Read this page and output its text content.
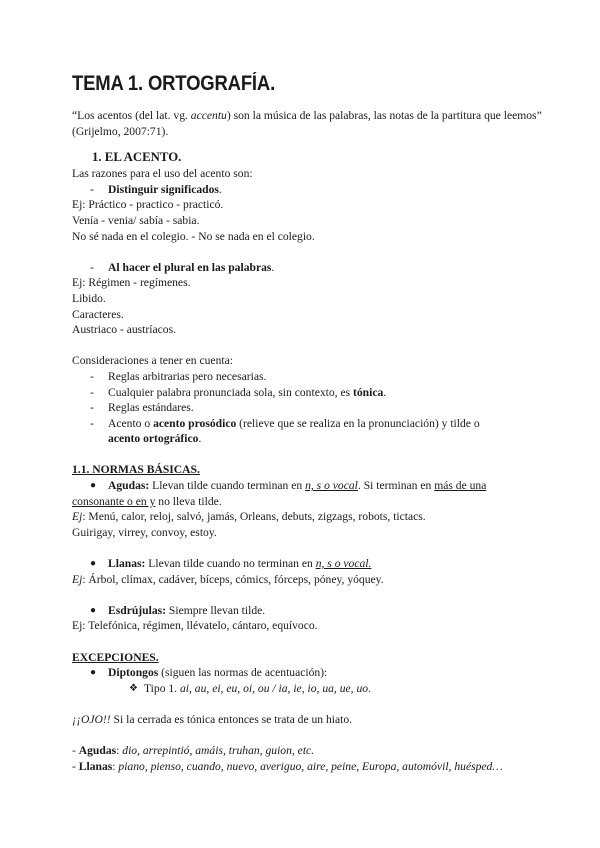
TEMA 1. ORTOGRAFÍA.

“Los acentos (del lat. vg. accentu) son la música de las palabras, las notas de la partitura que leemos”

(Grijelmo, 2007:71).

1. EL ACENTO.

Las razones para el uso del acento son:

- Distinguir significados.

Ej: Práctico - practico - practicó.

Venía - venia/ sabía - sabia.

No sé nada en el colegio. - No se nada en el colegio.

- Al hacer el plural en las palabras.

Ej: Régimen - regímenes.

Libido.

Caracteres.

Austriaco - austríacos.

Consideraciones a tener en cuenta:

- Reglas arbitrarias pero necesarias.

- Cualquier palabra pronunciada sola, sin contexto, es tónica.

- Reglas estándares.

- Acento o acento prosódico (relieve que se realiza en la pronunciación) y tilde o
acento ortográfico.

1.1. NORMAS BÁSICAS.

● Agudas: Llevan tilde cuando terminan en n, s o vocal. Si terminan en más de una

consonante o en y no lleva tilde.

Ej: Menú, calor, reloj, salvó, jamás, Orleans, debuts, zigzags, robots, tictacs.

Guirigay, virrey, convoy, estoy.

● Llanas: Llevan tilde cuando no terminan en n, s o vocal.

Ej: Árbol, clímax, cadáver, bíceps, cómics, fórceps, póney, yóquey.

● Esdrújulas: Siempre llevan tilde.

Ej: Telefónica, régimen, llévatelo, cántaro, equívoco.

EXCEPCIONES.

● Diptongos (siguen las normas de acentuación):

❖ Tipo 1. ai, au, ei, eu, oi, ou / ia, ie, io, ua, ue, uo.

¡¡OJO!! Si la cerrada es tónica entonces se trata de un hiato.

- Agudas: dio, arrepintió, amáis, truhan, guion, etc.

- Llanas: piano, pienso, cuando, nuevo, averiguo, aire, peine, Europa, automóvil, huésped…
